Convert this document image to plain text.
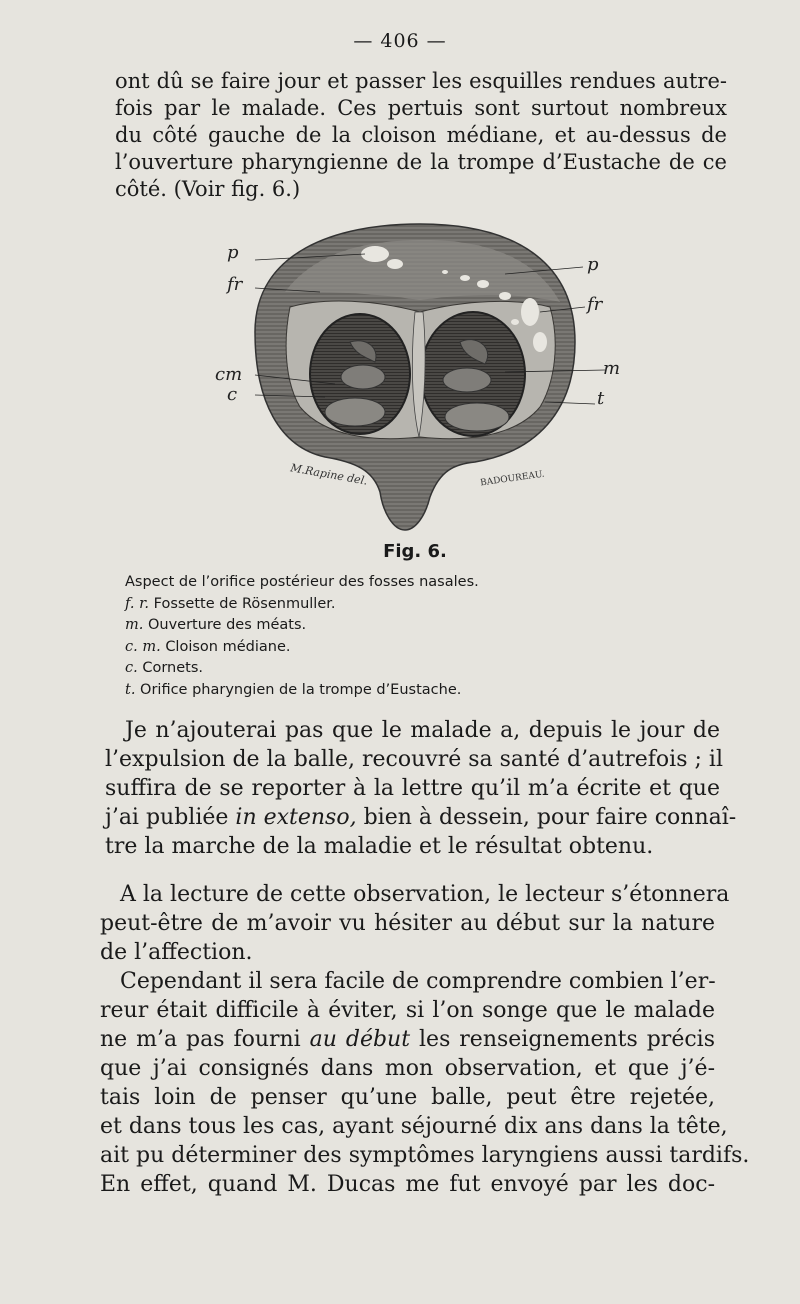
— 406 —
ont dû se faire jour et passer les esquilles rendues autre-
fois par le malade. Ces pertuis sont surtout nombreux
du côté gauche de la cloison médiane, et au-dessus de
l’ouverture pharyngienne de la trompe d’Eustache de ce
côté. (Voir fig. 6.)
p
fr
cm
c
p
fr
m
t
M.Rapine del.	BADOUREAU.
Fig. 6.
Aspect de l’orifice postérieur des fosses nasales.
f. r. Fossette de Rösenmuller.
m. Ouverture des méats.
c. m. Cloison médiane.
c. Cornets.
t. Orifice pharyngien de la trompe d’Eustache.
Je n’ajouterai pas que le malade a, depuis le jour de
l’expulsion de la balle, recouvré sa santé d’autrefois ; il
suffira de se reporter à la lettre qu’il m’a écrite et que
j’ai publiée in extenso, bien à dessein, pour faire connaî-
tre la marche de la maladie et le résultat obtenu.
A la lecture de cette observation, le lecteur s’étonnera
peut-être de m’avoir vu hésiter au début sur la nature
de l’affection.
Cependant il sera facile de comprendre combien l’er-
reur était difficile à éviter, si l’on songe que le malade
ne m’a pas fourni au début les renseignements précis
que j’ai consignés dans mon observation, et que j’é-
tais loin de penser qu’une balle, peut être rejetée,
et dans tous les cas, ayant séjourné dix ans dans la tête,
ait pu déterminer des symptômes laryngiens aussi tardifs.
En effet, quand M. Ducas me fut envoyé par les doc-
